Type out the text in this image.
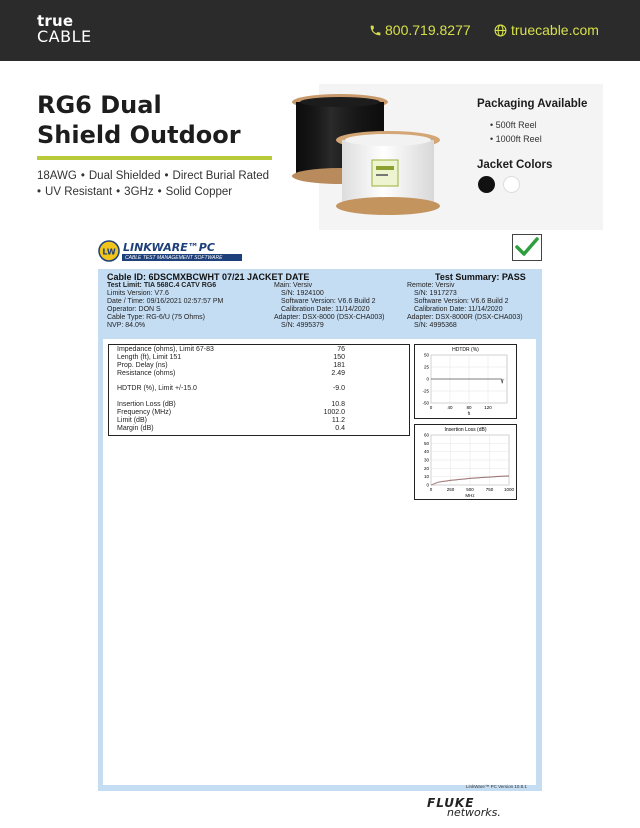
true
CABLE	800.719.8277	truecable.com
RG6 Dual
Shield Outdoor
18AWG • Dual Shielded • Direct Burial Rated
• UV Resistant • 3GHz • Solid Copper
Packaging Available
• 500ft Reel
• 1000ft Reel
Jacket Colors
LW LINKWARE™PC
CABLE TEST MANAGEMENT SOFTWARE
Cable ID: 6DSCMXBCWHT 07/21 JACKET DATE	Test Summary: PASS
Test Limit: TIA 568C.4 CATV RG6
Limits Version: V7.6
Date / Time: 09/16/2021 02:57:57 PM
Operator: DON S
Cable Type: RG-6/U (75 Ohms)
NVP: 84.0%
Main: Versiv
S/N: 1924100
Software Version: V6.6 Build 2
Calibration Date: 11/14/2020
Adapter: DSX-8000 (DSX-CHA003)
S/N: 4995379
Remote: Versiv
S/N: 1917273
Software Version: V6.6 Build 2
Calibration Date: 11/14/2020
Adapter: DSX-8000R (DSX-CHA003)
S/N: 4995368
Impedance (ohms), Limit 67-83	76
Length (ft), Limit 151	150
Prop. Delay (ns)	181
Resistance (ohms)	2.49
HDTDR (%), Limit +/-15.0	-9.0
Insertion Loss (dB)	10.8
Frequency (MHz)	1002.0
Limit (dB)	11.2
Margin (dB)	0.4
HDTDR (%)
50
25
0
-25
-50
0	40	80	120
ft
Insertion Loss (dB)
60
50
40
30
20
10
0
0	250	500	750 1000
MHz
LinkWare™ PC Version 10.8.1
FLUKE
networks.
